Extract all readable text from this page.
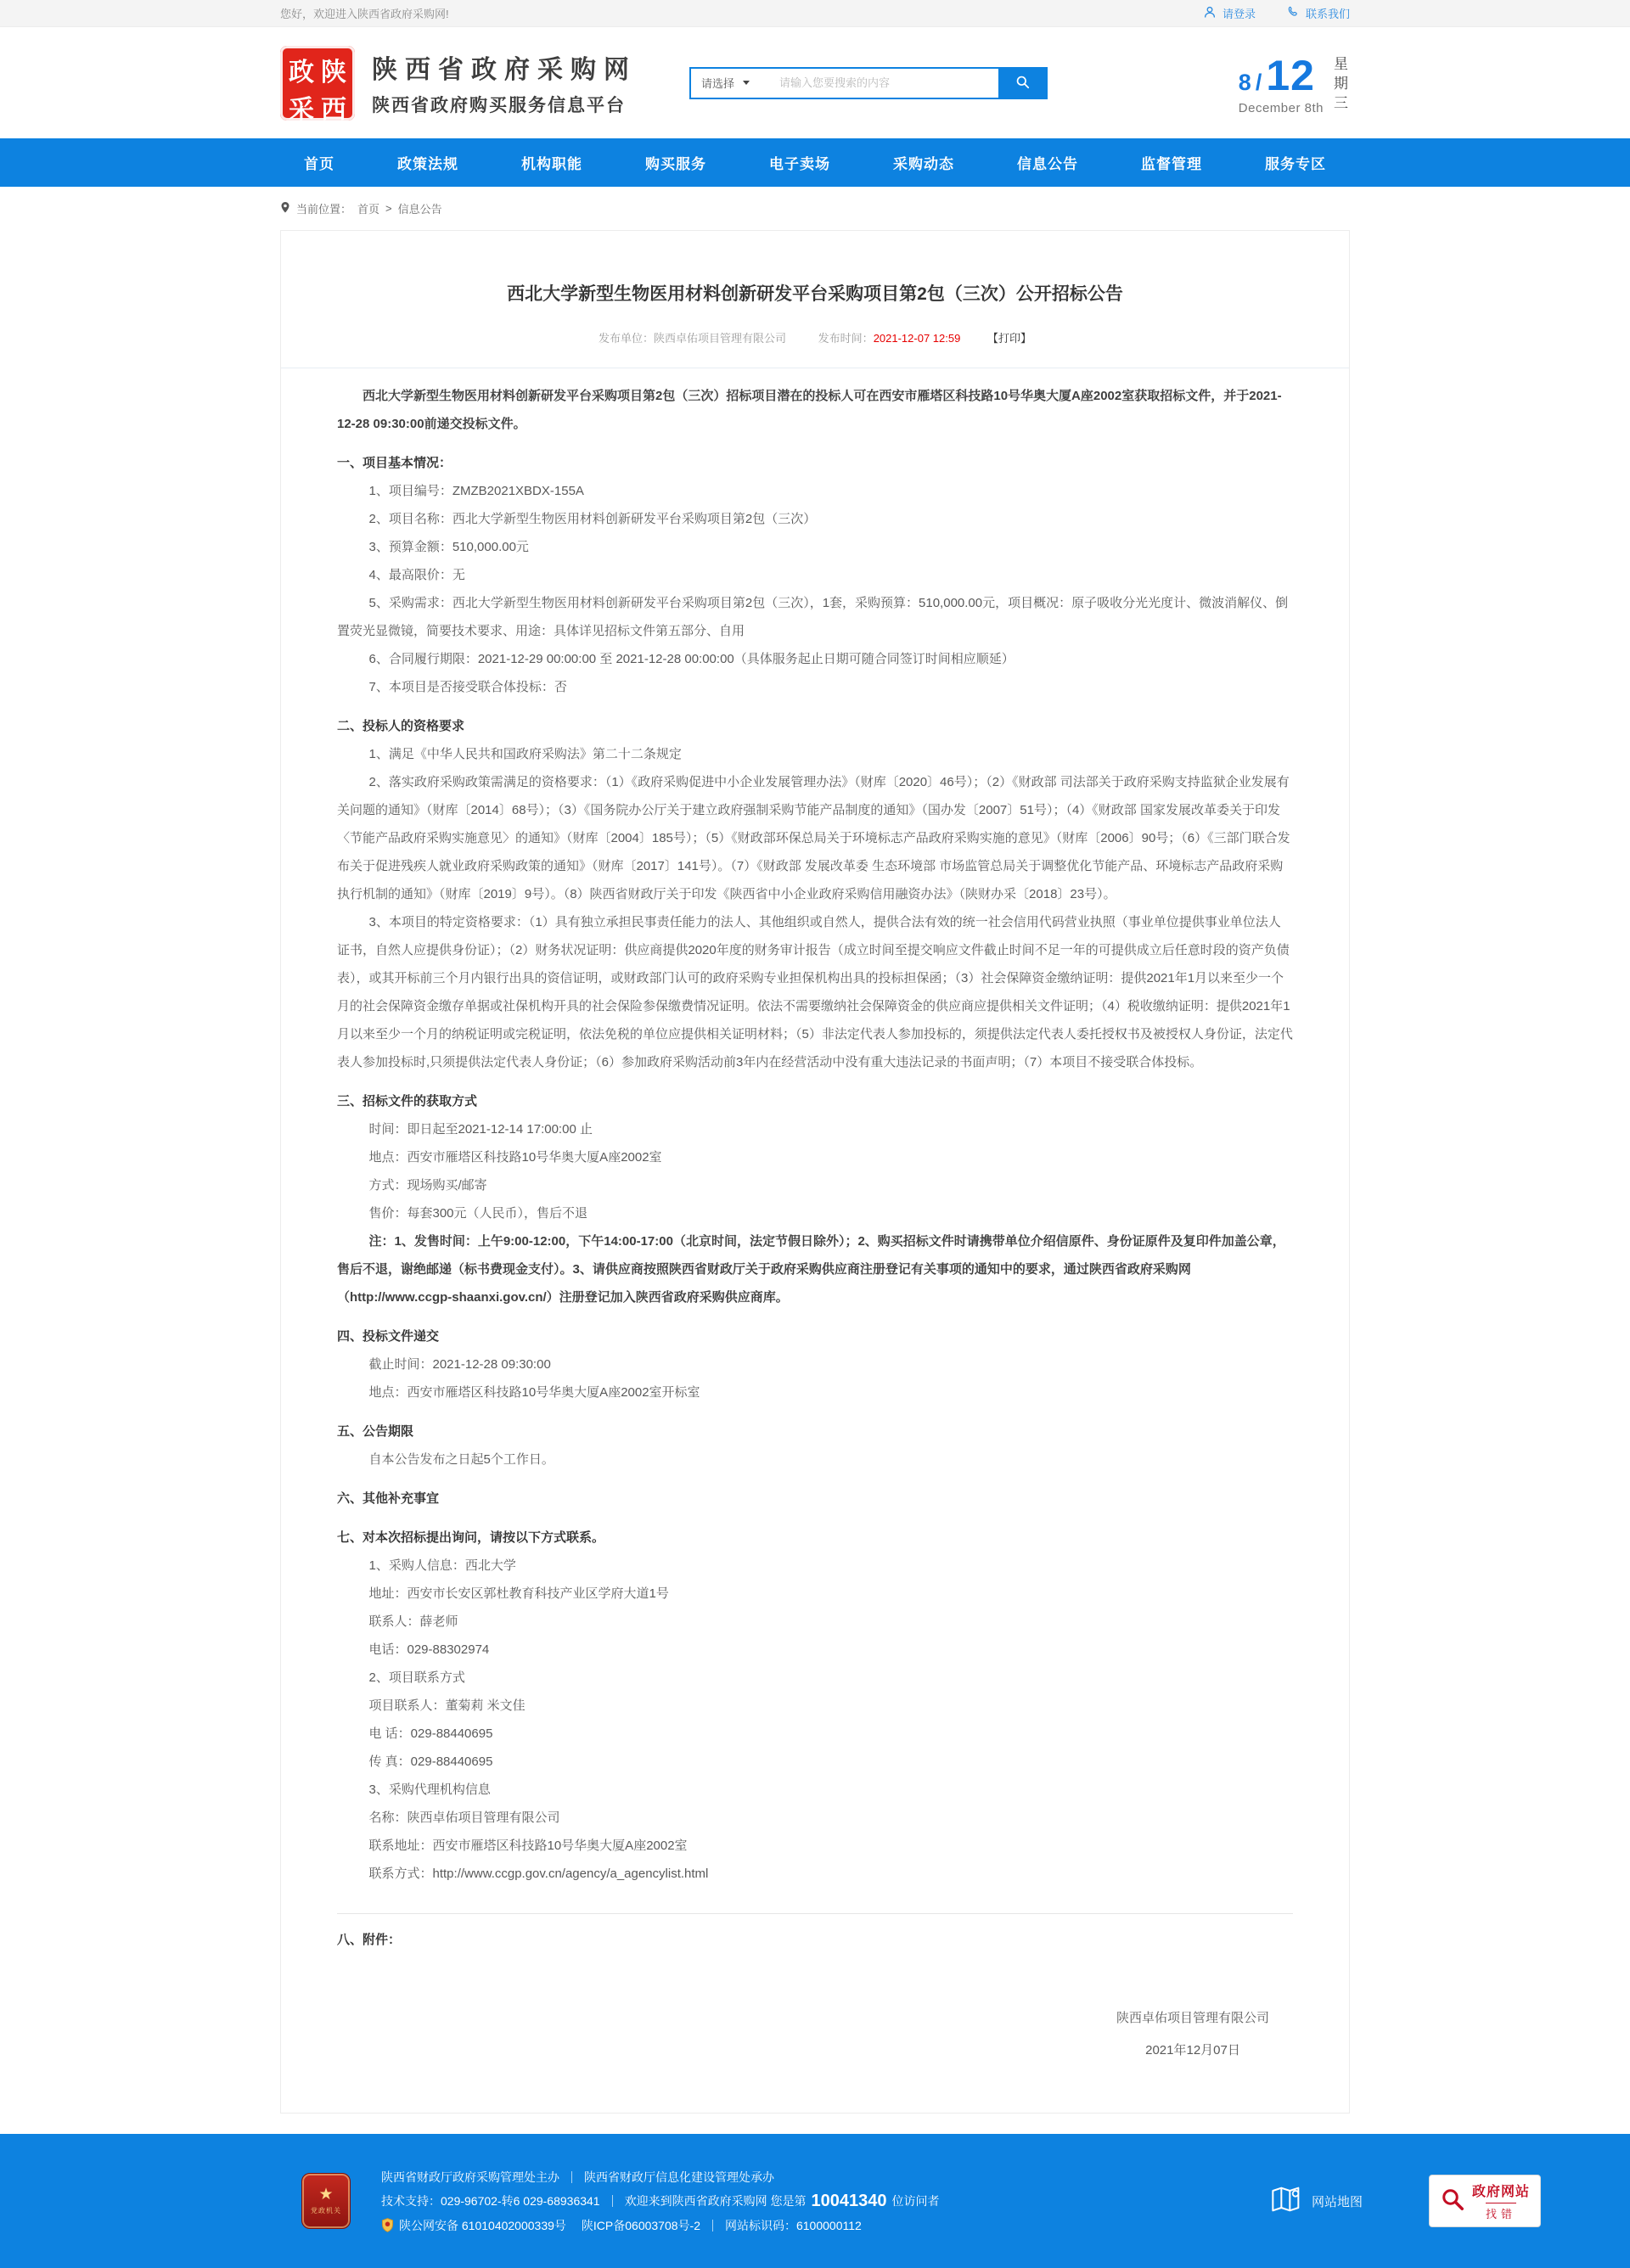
您好，欢迎进入陕西省政府采购网!	请登录	联系我们
政 陕
采 西
陕西省政府采购网
陕西省政府购买服务信息平台
请选择
请输入您要搜索的内容	8 / 12
December 8th
星期三
首页	政策法规	机构职能	购买服务	电子卖场	采购动态	信息公告	监督管理	服务专区
当前位置： 首页 > 信息公告
西北大学新型生物医用材料创新研发平台采购项目第2包（三次）公开招标公告
发布单位：陕西卓佑项目管理有限公司	发布时间：2021-12-07 12:59 【打印】

西北大学新型生物医用材料创新研发平台采购项目第2包（三次）招标项目潜在的投标人可在西安市雁塔区科技路10号华奥大厦A座2002室获取招标文件，并于2021-12-28 09:30:00前递交投标文件。

一、项目基本情况：

1、项目编号：ZMZB2021XBDX-155A

2、项目名称：西北大学新型生物医用材料创新研发平台采购项目第2包（三次）

3、预算金额：510,000.00元

4、最高限价：无

5、采购需求：西北大学新型生物医用材料创新研发平台采购项目第2包（三次），1套，采购预算：510,000.00元，项目概况：原子吸收分光光度计、微波消解仪、倒置荧光显微镜，简要技术要求、用途：具体详见招标文件第五部分、自用

6、合同履行期限：2021-12-29 00:00:00 至 2021-12-28 00:00:00（具体服务起止日期可随合同签订时间相应顺延）

7、本项目是否接受联合体投标：否

二、投标人的资格要求

1、满足《中华人民共和国政府采购法》第二十二条规定

2、落实政府采购政策需满足的资格要求：（1）《政府采购促进中小企业发展管理办法》（财库〔2020〕46号）；（2）《财政部 司法部关于政府采购支持监狱企业发展有关问题的通知》（财库〔2014〕68号）；（3）《国务院办公厅关于建立政府强制采购节能产品制度的通知》（国办发〔2007〕51号）；（4）《财政部 国家发展改革委关于印发〈节能产品政府采购实施意见〉的通知》（财库〔2004〕185号）；（5）《财政部环保总局关于环境标志产品政府采购实施的意见》（财库〔2006〕90号；（6）《三部门联合发布关于促进残疾人就业政府采购政策的通知》（财库〔2017〕141号）。（7）《财政部 发展改革委 生态环境部 市场监管总局关于调整优化节能产品、环境标志产品政府采购执行机制的通知》（财库〔2019〕9号）。（8）陕西省财政厅关于印发《陕西省中小企业政府采购信用融资办法》（陕财办采〔2018〕23号）。

3、本项目的特定资格要求：（1）具有独立承担民事责任能力的法人、其他组织或自然人，提供合法有效的统一社会信用代码营业执照（事业单位提供事业单位法人证书，自然人应提供身份证）；（2）财务状况证明：供应商提供2020年度的财务审计报告（成立时间至提交响应文件截止时间不足一年的可提供成立后任意时段的资产负债表），或其开标前三个月内银行出具的资信证明，或财政部门认可的政府采购专业担保机构出具的投标担保函；（3）社会保障资金缴纳证明：提供2021年1月以来至少一个月的社会保障资金缴存单据或社保机构开具的社会保险参保缴费情况证明。依法不需要缴纳社会保障资金的供应商应提供相关文件证明；（4）税收缴纳证明：提供2021年1月以来至少一个月的纳税证明或完税证明，依法免税的单位应提供相关证明材料；（5）非法定代表人参加投标的，须提供法定代表人委托授权书及被授权人身份证，法定代表人参加投标时,只须提供法定代表人身份证；（6）参加政府采购活动前3年内在经营活动中没有重大违法记录的书面声明；（7）本项目不接受联合体投标。

三、招标文件的获取方式

时间：即日起至2021-12-14 17:00:00 止

地点：西安市雁塔区科技路10号华奥大厦A座2002室

方式：现场购买/邮寄

售价：每套300元（人民币），售后不退

注：1、发售时间：上午9:00-12:00，下午14:00-17:00（北京时间，法定节假日除外）；2、购买招标文件时请携带单位介绍信原件、身份证原件及复印件加盖公章，售后不退，谢绝邮递（标书费现金支付）。3、请供应商按照陕西省财政厅关于政府采购供应商注册登记有关事项的通知中的要求，通过陕西省政府采购网（http://www.ccgp-shaanxi.gov.cn/）注册登记加入陕西省政府采购供应商库。

四、投标文件递交

截止时间：2021-12-28 09:30:00

地点：西安市雁塔区科技路10号华奥大厦A座2002室开标室

五、公告期限

自本公告发布之日起5个工作日。

六、其他补充事宜

七、对本次招标提出询问，请按以下方式联系。

1、采购人信息：西北大学

地址：西安市长安区郭杜教育科技产业区学府大道1号

联系人：薛老师

电话：029-88302974

2、项目联系方式

项目联系人：董菊莉 米文佳

电 话：029-88440695

传 真：029-88440695

3、采购代理机构信息

名称：陕西卓佑项目管理有限公司

联系地址：西安市雁塔区科技路10号华奥大厦A座2002室

联系方式：http://www.ccgp.gov.cn/agency/a_agencylist.html

八、附件：

陕西卓佑项目管理有限公司
2021年12月07日
★
党政机关
陕西省财政厅政府采购管理处主办 陕西省财政厅信息化建设管理处承办
技术支持：029-96702-转6 029-68936341 欢迎来到陕西省政府采购网 您是第 10041340 位访问者
陕公网安备 61010402000339号 陕ICP备06003708号-2 网站标识码：6100000112
网站地图
政府网站
找错
